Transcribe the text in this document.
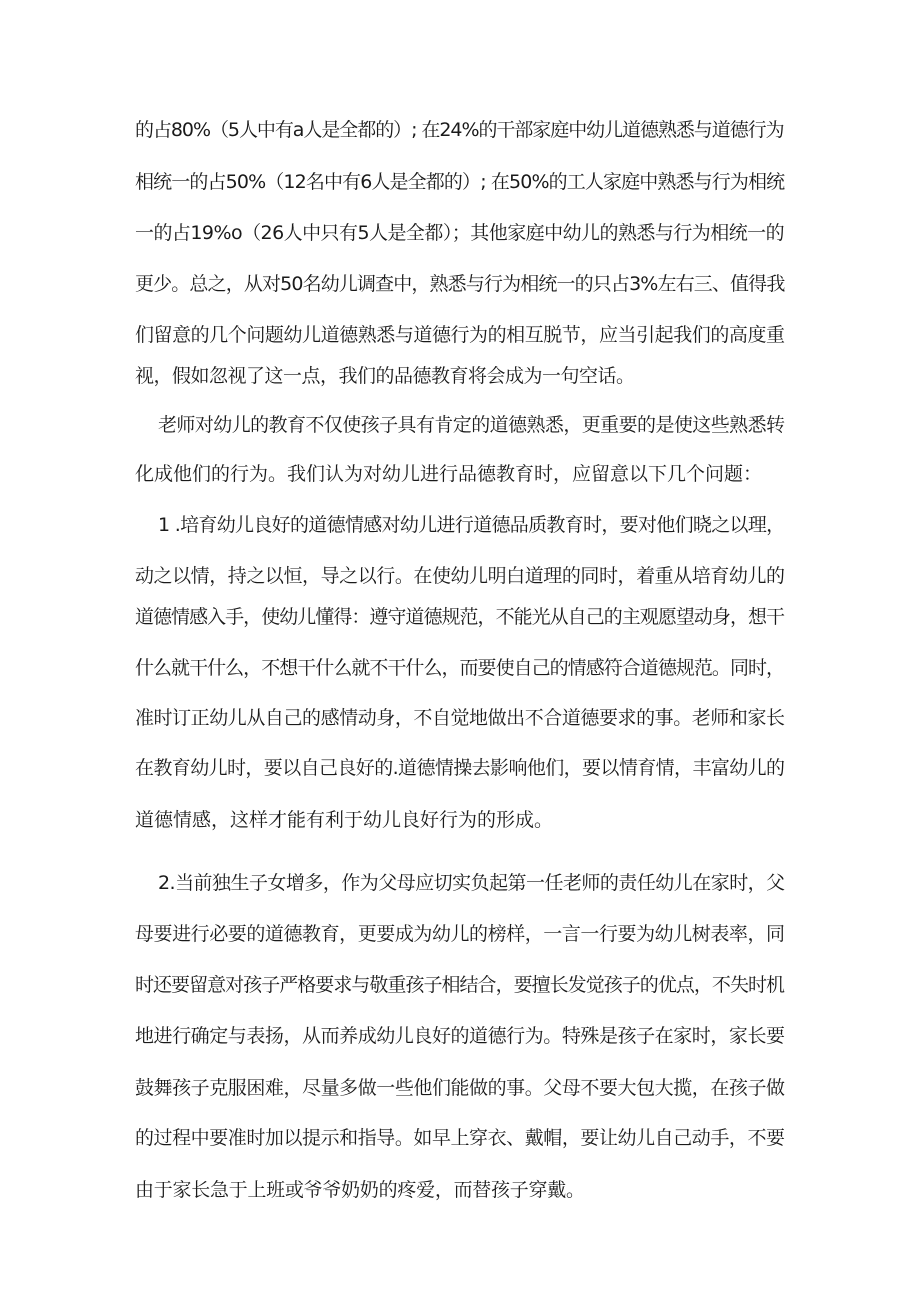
的占80%（5人中有a人是全都的）; 在24%的干部家庭中幼儿道德熟悉与道德行为

相统一的占50%（12名中有6人是全都的）; 在50%的工人家庭中熟悉与行为相统

一的占19%o（26人中只有5人是全都）；其他家庭中幼儿的熟悉与行为相统一的

更少。总之，从对50名幼儿调查中，熟悉与行为相统一的只占3%左右三、值得我

们留意的几个问题幼儿道德熟悉与道德行为的相互脱节，应当引起我们的高度重

视，假如忽视了这一点，我们的品德教育将会成为一句空话。

老师对幼儿的教育不仅使孩子具有肯定的道德熟悉，更重要的是使这些熟悉转

化成他们的行为。我们认为对幼儿进行品德教育时，应留意以下几个问题：

1 .培育幼儿良好的道德情感对幼儿进行道德品质教育时，要对他们晓之以理，

动之以情，持之以恒，导之以行。在使幼儿明白道理的同时，着重从培育幼儿的

道德情感入手，使幼儿懂得：遵守道德规范，不能光从自己的主观愿望动身，想干

什么就干什么，不想干什么就不干什么，而要使自己的情感符合道德规范。同时，

准时订正幼儿从自己的感情动身，不自觉地做出不合道德要求的事。老师和家长

在教育幼儿时，要以自己良好的.道德情操去影响他们，要以情育情，丰富幼儿的

道德情感，这样才能有利于幼儿良好行为的形成。

2.当前独生子女增多，作为父母应切实负起第一任老师的责任幼儿在家时，父

母要进行必要的道德教育，更要成为幼儿的榜样，一言一行要为幼儿树表率，同

时还要留意对孩子严格要求与敬重孩子相结合，要擅长发觉孩子的优点，不失时机

地进行确定与表扬，从而养成幼儿良好的道德行为。特殊是孩子在家时，家长要

鼓舞孩子克服困难，尽量多做一些他们能做的事。父母不要大包大揽，在孩子做

的过程中要准时加以提示和指导。如早上穿衣、戴帽，要让幼儿自己动手，不要

由于家长急于上班或爷爷奶奶的疼爱，而替孩子穿戴。
